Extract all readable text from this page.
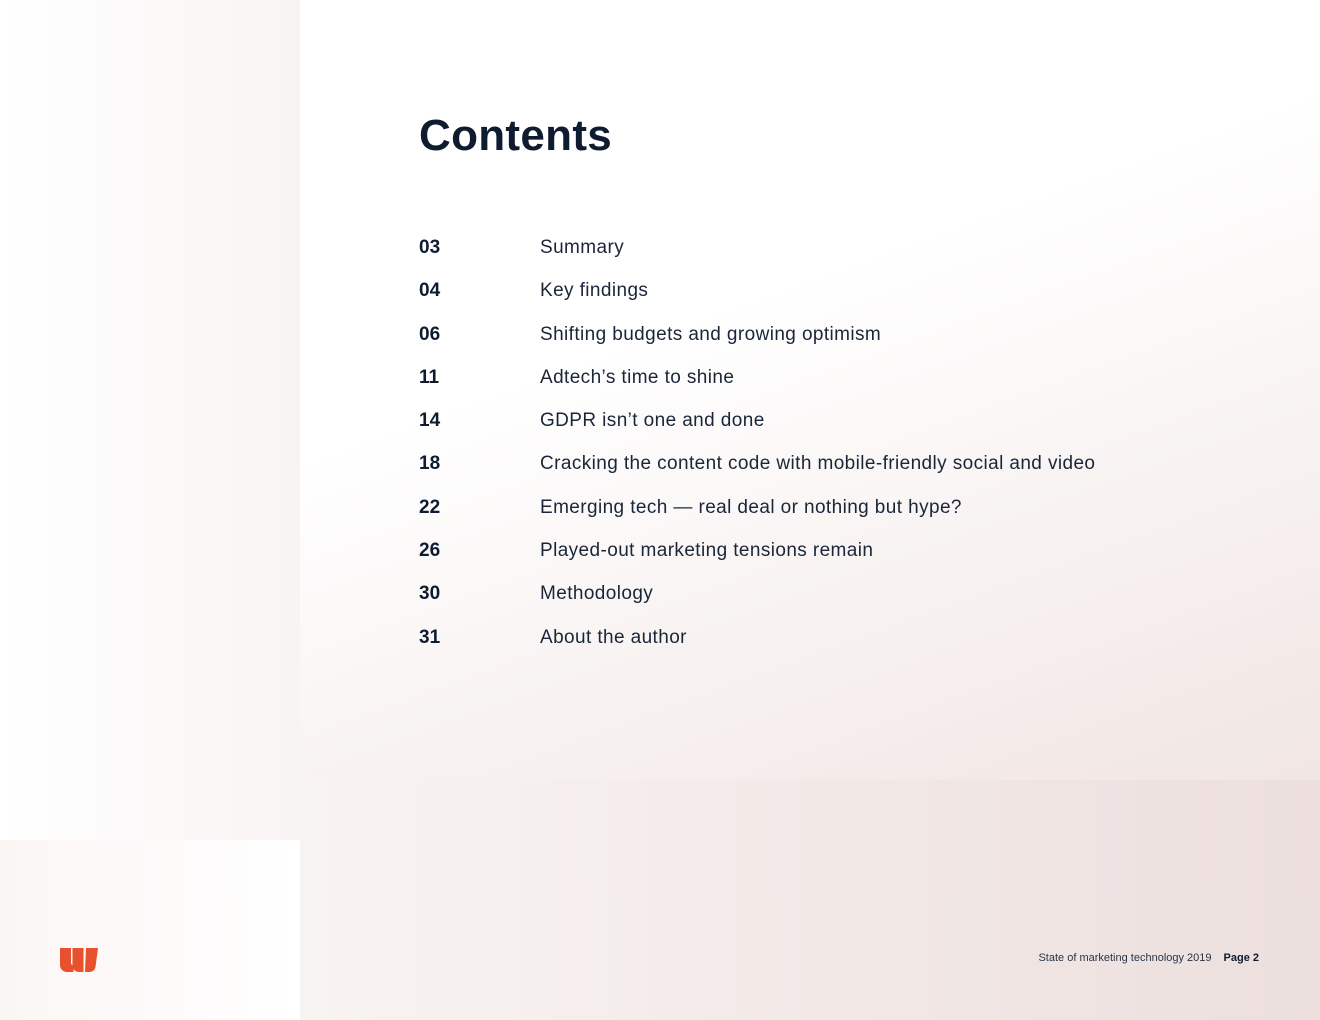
Contents
03	Summary
04	Key findings
06	Shifting budgets and growing optimism
11	Adtech’s time to shine
14	GDPR isn’t one and done
18	Cracking the content code with mobile-friendly social and video
22	Emerging tech — real deal or nothing but hype?
26	Played-out marketing tensions remain
30	Methodology
31	About the author
State of marketing technology 2019 Page 2
